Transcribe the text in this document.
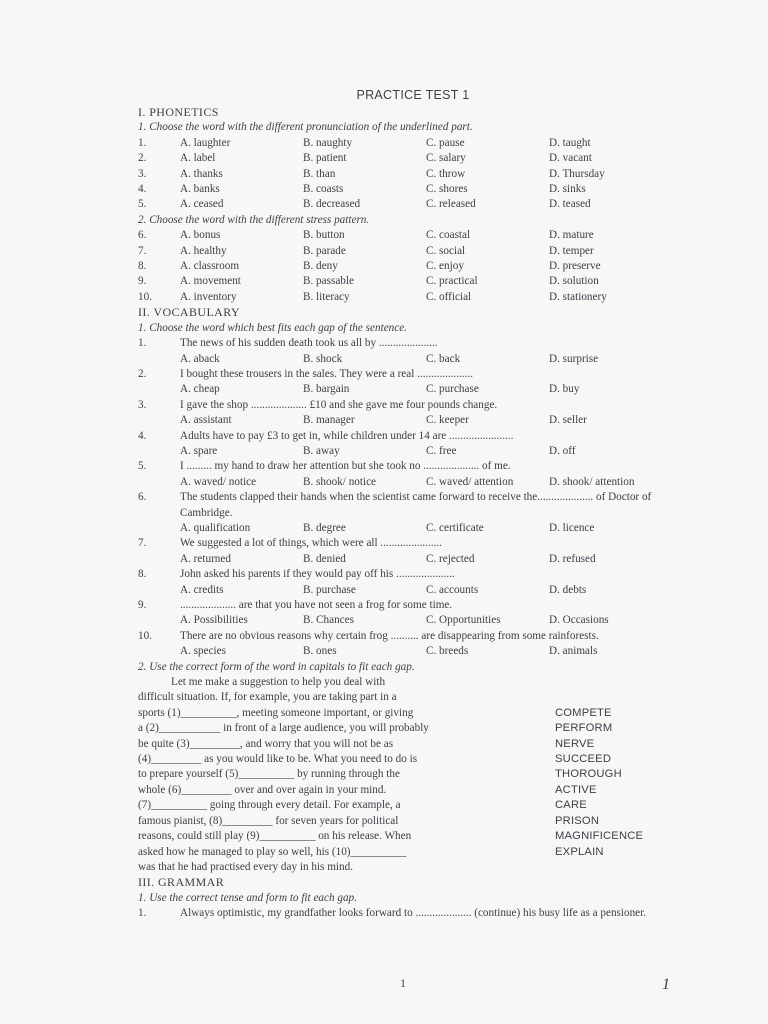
PRACTICE TEST 1
I. PHONETICS
1. Choose the word with the different pronunciation of the underlined part.
1.	A. laughter	B. naughty	C. pause	D. taught
2.	A. label	B. patient	C. salary	D. vacant
3.	A. thanks	B. than	C. throw	D. Thursday
4.	A. banks	B. coasts	C. shores	D. sinks
5.	A. ceased	B. decreased	C. released	D. teased
2. Choose the word with the different stress pattern.
6.	A. bonus	B. button	C. coastal	D. mature
7.	A. healthy	B. parade	C. social	D. temper
8.	A. classroom	B. deny	C. enjoy	D. preserve
9.	A. movement	B. passable	C. practical	D. solution
10.	A. inventory	B. literacy	C. official	D. stationery
II. VOCABULARY
1. Choose the word which best fits each gap of the sentence.
1.	The news of his sudden death took us all by .....................
A. aback	B. shock	C. back	D. surprise
2.	I bought these trousers in the sales. They were a real ....................
A. cheap	B. bargain	C. purchase	D. buy
3.	I gave the shop .................... £10 and she gave me four pounds change.
A. assistant	B. manager	C. keeper	D. seller
4.	Adults have to pay £3 to get in, while children under 14 are .......................
A. spare	B. away	C. free	D. off
5.	I ......... my hand to draw her attention but she took no .................... of me.
A. waved/ notice	B. shook/ notice	C. waved/ attention	D. shook/ attention
6.	The students clapped their hands when the scientist came forward to receive the.................... of Doctor of Cambridge.
A. qualification	B. degree	C. certificate	D. licence
7.	We suggested a lot of things, which were all ......................
A. returned	B. denied	C. rejected	D. refused
8.	John asked his parents if they would pay off his .....................
A. credits	B. purchase	C. accounts	D. debts
9.	.................... are that you have not seen a frog for some time.
A. Possibilities	B. Chances	C. Opportunities	D. Occasions
10.	There are no obvious reasons why certain frog .......... are disappearing from some rainforests.
A. species	B. ones	C. breeds	D. animals
2. Use the correct form of the word in capitals to fit each gap.
Let me make a suggestion to help you deal with
difficult situation. If, for example, you are taking part in a
sports (1)__________, meeting someone important, or giving	COMPETE
a (2)___________ in front of a large audience, you will probably	PERFORM
be quite (3)_________, and worry that you will not be as	NERVE
(4)_________ as you would like to be. What you need to do is	SUCCEED
to prepare yourself (5)__________ by running through the	THOROUGH
whole (6)_________ over and over again in your mind.	ACTIVE
(7)__________ going through every detail. For example, a	CARE
famous pianist, (8)_________ for seven years for political	PRISON
reasons, could still play (9)__________ on his release. When	MAGNIFICENCE
asked how he managed to play so well, his (10)__________	EXPLAIN
was that he had practised every day in his mind.
III. GRAMMAR
1. Use the correct tense and form to fit each gap.
1.	Always optimistic, my grandfather looks forward to .................... (continue) his busy life as a pensioner.
1	1
